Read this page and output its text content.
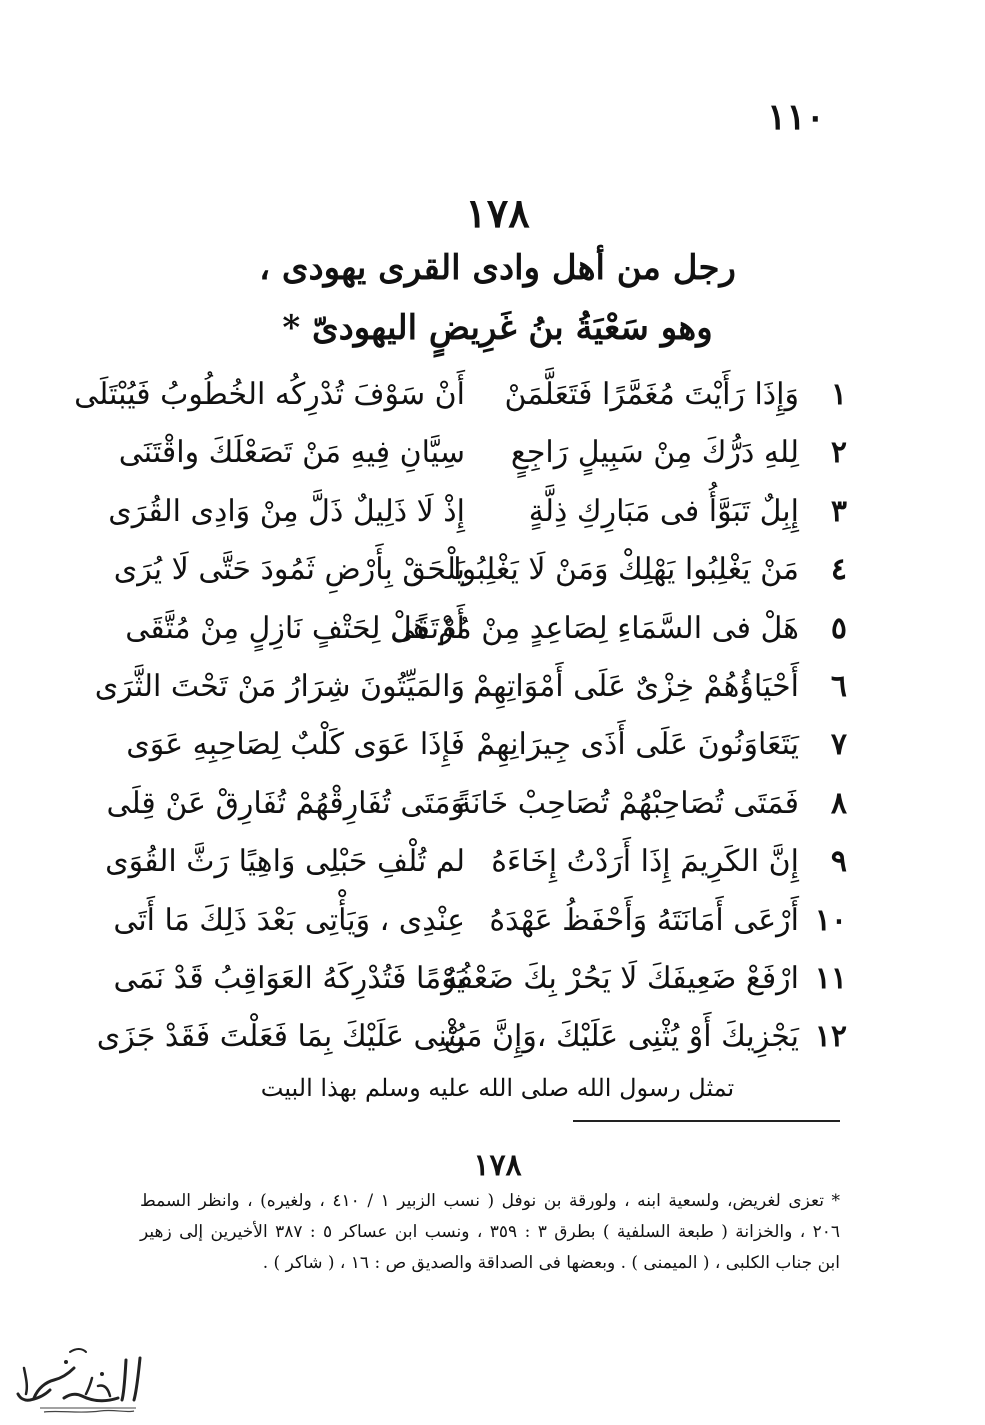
١١٠
١٧٨
رجل من أهل وادى القرى يهودى ،
وهو سَعْيَةُ بنُ غَرِيضٍ اليهودىّ *
١
وَإِذَا رَأَيْتَ مُغَمَّرًا فَتَعَلَّمَنْ
أَنْ سَوْفَ تُدْرِكُه الخُطُوبُ فَيُبْتَلَى
٢
لِلهِ دَرُّكَ مِنْ سَبِيلٍ رَاجِعٍ
سِيَّانِ فِيهِ مَنْ تَصَعْلَكَ واقْتَنَى
٣
إِبِلٌ تَبَوَّأُ فى مَبَارِكِ ذِلَّةٍ
إِذْ لَا ذَلِيلٌ ذَلَّ مِنْ وَادِى القُرَى
٤
مَنْ يَغْلِبُوا يَهْلِكْ وَمَنْ لَا يَغْلِبُوا
يَلْحَقْ بِأَرْضِ ثَمُودَ حَتَّى لَا يُرَى
٥
هَلْ فى السَّمَاءِ لِصَاعِدٍ مِنْ مُرْتَقًى
أَمْ هَلْ لِحَتْفٍ نَازِلٍ مِنْ مُتَّقَى
٦
أَحْيَاؤُهُمْ خِزْىٌ عَلَى أَمْوَاتِهِمْ
وَالمَيِّتُونَ شِرَارُ مَنْ تَحْتَ الثَّرَى
٧
يَتَعَاوَنُونَ عَلَى أَذَى جِيرَانِهِمْ
فَإِذَا عَوَى كَلْبٌ لِصَاحِبِهِ عَوَى
٨
فَمَتَى تُصَاحِبْهُمْ تُصَاحِبْ خَانَةً
وَمَتَى تُفَارِقْهُمْ تُفَارِقْ عَنْ قِلَى
٩
إِنَّ الكَرِيمَ إِذَا أَرَدْتُ إِخَاءَهُ
لم تُلْفِ حَبْلِى وَاهِيًا رَثَّ القُوَى
١٠
أَرْعَى أَمَانَتَهُ وَأَحْفَظُ عَهْدَهُ
عِنْدِى ، وَيَأْتِى بَعْدَ ذَلِكَ مَا أَتَى
١١
ارْفَعْ ضَعِيفَكَ لَا يَحُرْ بِكَ ضَعْفُهُ
يَوْمًا فَتُدْرِكَهُ العَوَاقِبُ قَدْ نَمَى
١٢
يَجْزِيكَ أَوْ يُثْنِى عَلَيْكَ ،وَإِنَّ مَنْ
يُثْنِى عَلَيْكَ بِمَا فَعَلْتَ فَقَدْ جَزَى
تمثل رسول الله صلى الله عليه وسلم بهذا البيت
١٧٨
* تعزى لغريض، ولسعية ابنه ، ولورقة بن نوفل ( نسب الزبير ١ / ٤١٠ ، ولغيره) ، وانظر السمط
٢٠٦ ، والخزانة ( طبعة السلفية ) بطرق ٣ : ٣٥٩ ، ونسب ابن عساكر ٥ : ٣٨٧ الأخيرين إلى زهير
ابن جناب الكلبى ، ( الميمنى ) . وبعضها فى الصداقة والصديق ص : ١٦ ، ( شاكر ) .
